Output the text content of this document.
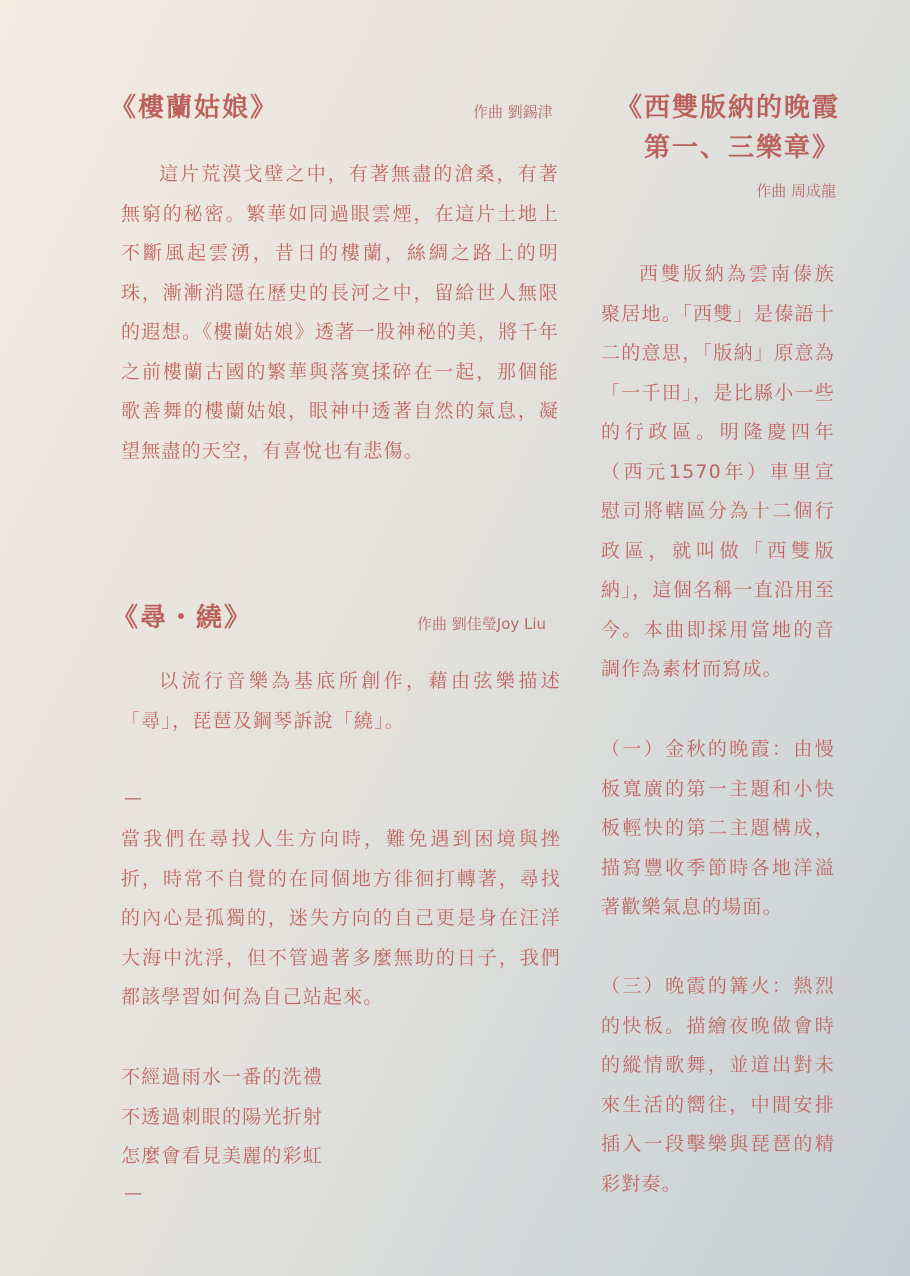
《樓蘭姑娘》	作曲 劉錫津

這片荒漠戈壁之中，有著無盡的滄桑，有著無窮的秘密。繁華如同過眼雲煙，在這片土地上不斷風起雲湧，昔日的樓蘭，絲綢之路上的明珠，漸漸消隱在歷史的長河之中，留給世人無限的遐想。《樓蘭姑娘》透著一股神秘的美，將千年之前樓蘭古國的繁華與落寞揉碎在一起，那個能歌善舞的樓蘭姑娘，眼神中透著自然的氣息，凝望無盡的天空，有喜悅也有悲傷。

《尋・繞》	作曲 劉佳瑩Joy Liu

以流行音樂為基底所創作，藉由弦樂描述「尋」，琵琶及鋼琴訴說「繞」。

—

當我們在尋找人生方向時，難免遇到困境與挫折，時常不自覺的在同個地方徘徊打轉著，尋找的內心是孤獨的，迷失方向的自己更是身在汪洋大海中沈浮，但不管過著多麼無助的日子，我們都該學習如何為自己站起來。

不經過雨水一番的洗禮
不透過刺眼的陽光折射
怎麼會看見美麗的彩虹
—
《西雙版納的晚霞
第一、三樂章》
作曲 周成龍

西雙版納為雲南傣族聚居地。「西雙」是傣語十二的意思，「版納」原意為「一千田」，是比縣小一些的行政區。明隆慶四年　（西元1570年）車里宣慰司將轄區分為十二個行政區，就叫做「西雙版納」，這個名稱一直沿用至今。本曲即採用當地的音調作為素材而寫成。

（一）金秋的晚霞：由慢板寬廣的第一主題和小快板輕快的第二主題構成，描寫豐收季節時各地洋溢著歡樂氣息的場面。

（三）晚霞的篝火：熱烈的快板。描繪夜晚做會時的縱情歌舞，並道出對未來生活的嚮往，中間安排插入一段擊樂與琵琶的精彩對奏。
